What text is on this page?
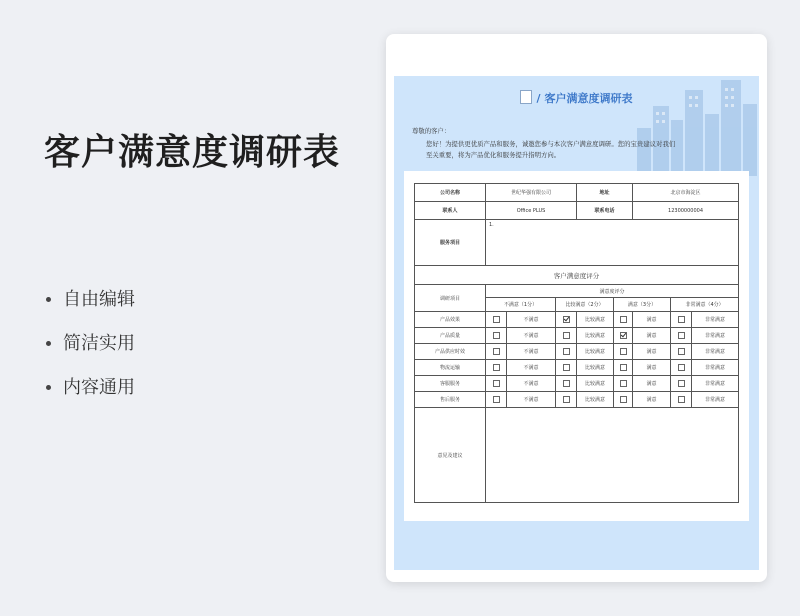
客户满意度调研表
自由编辑
简洁实用
内容通用
/ 客户满意度调研表
尊敬的客户：
您好！为提供更优质产品和服务，诚邀您参与本次客户满意度调研。您的宝贵建议对我们至关重要，将为产品优化和服务提升指明方向。
公司名称	世纪华强有限公司			地址		北京市海淀区		
联系人	Office PLUS			联系电话		12300000004		
服务项目	1.							

客户满意度评分								
调研项目	满意度评分							
	不满意（1分）		比较满意（2分）		满意（3分）		非常满意（4分）	
产品效果		不满意		比较满意		满意		非常满意
产品质量		不满意		比较满意		满意		非常满意
产品供应时效		不满意		比较满意		满意		非常满意
物流运输		不满意		比较满意		满意		非常满意
客服服务		不满意		比较满意		满意		非常满意
售后服务		不满意		比较满意		满意		非常满意
意见及建议								
